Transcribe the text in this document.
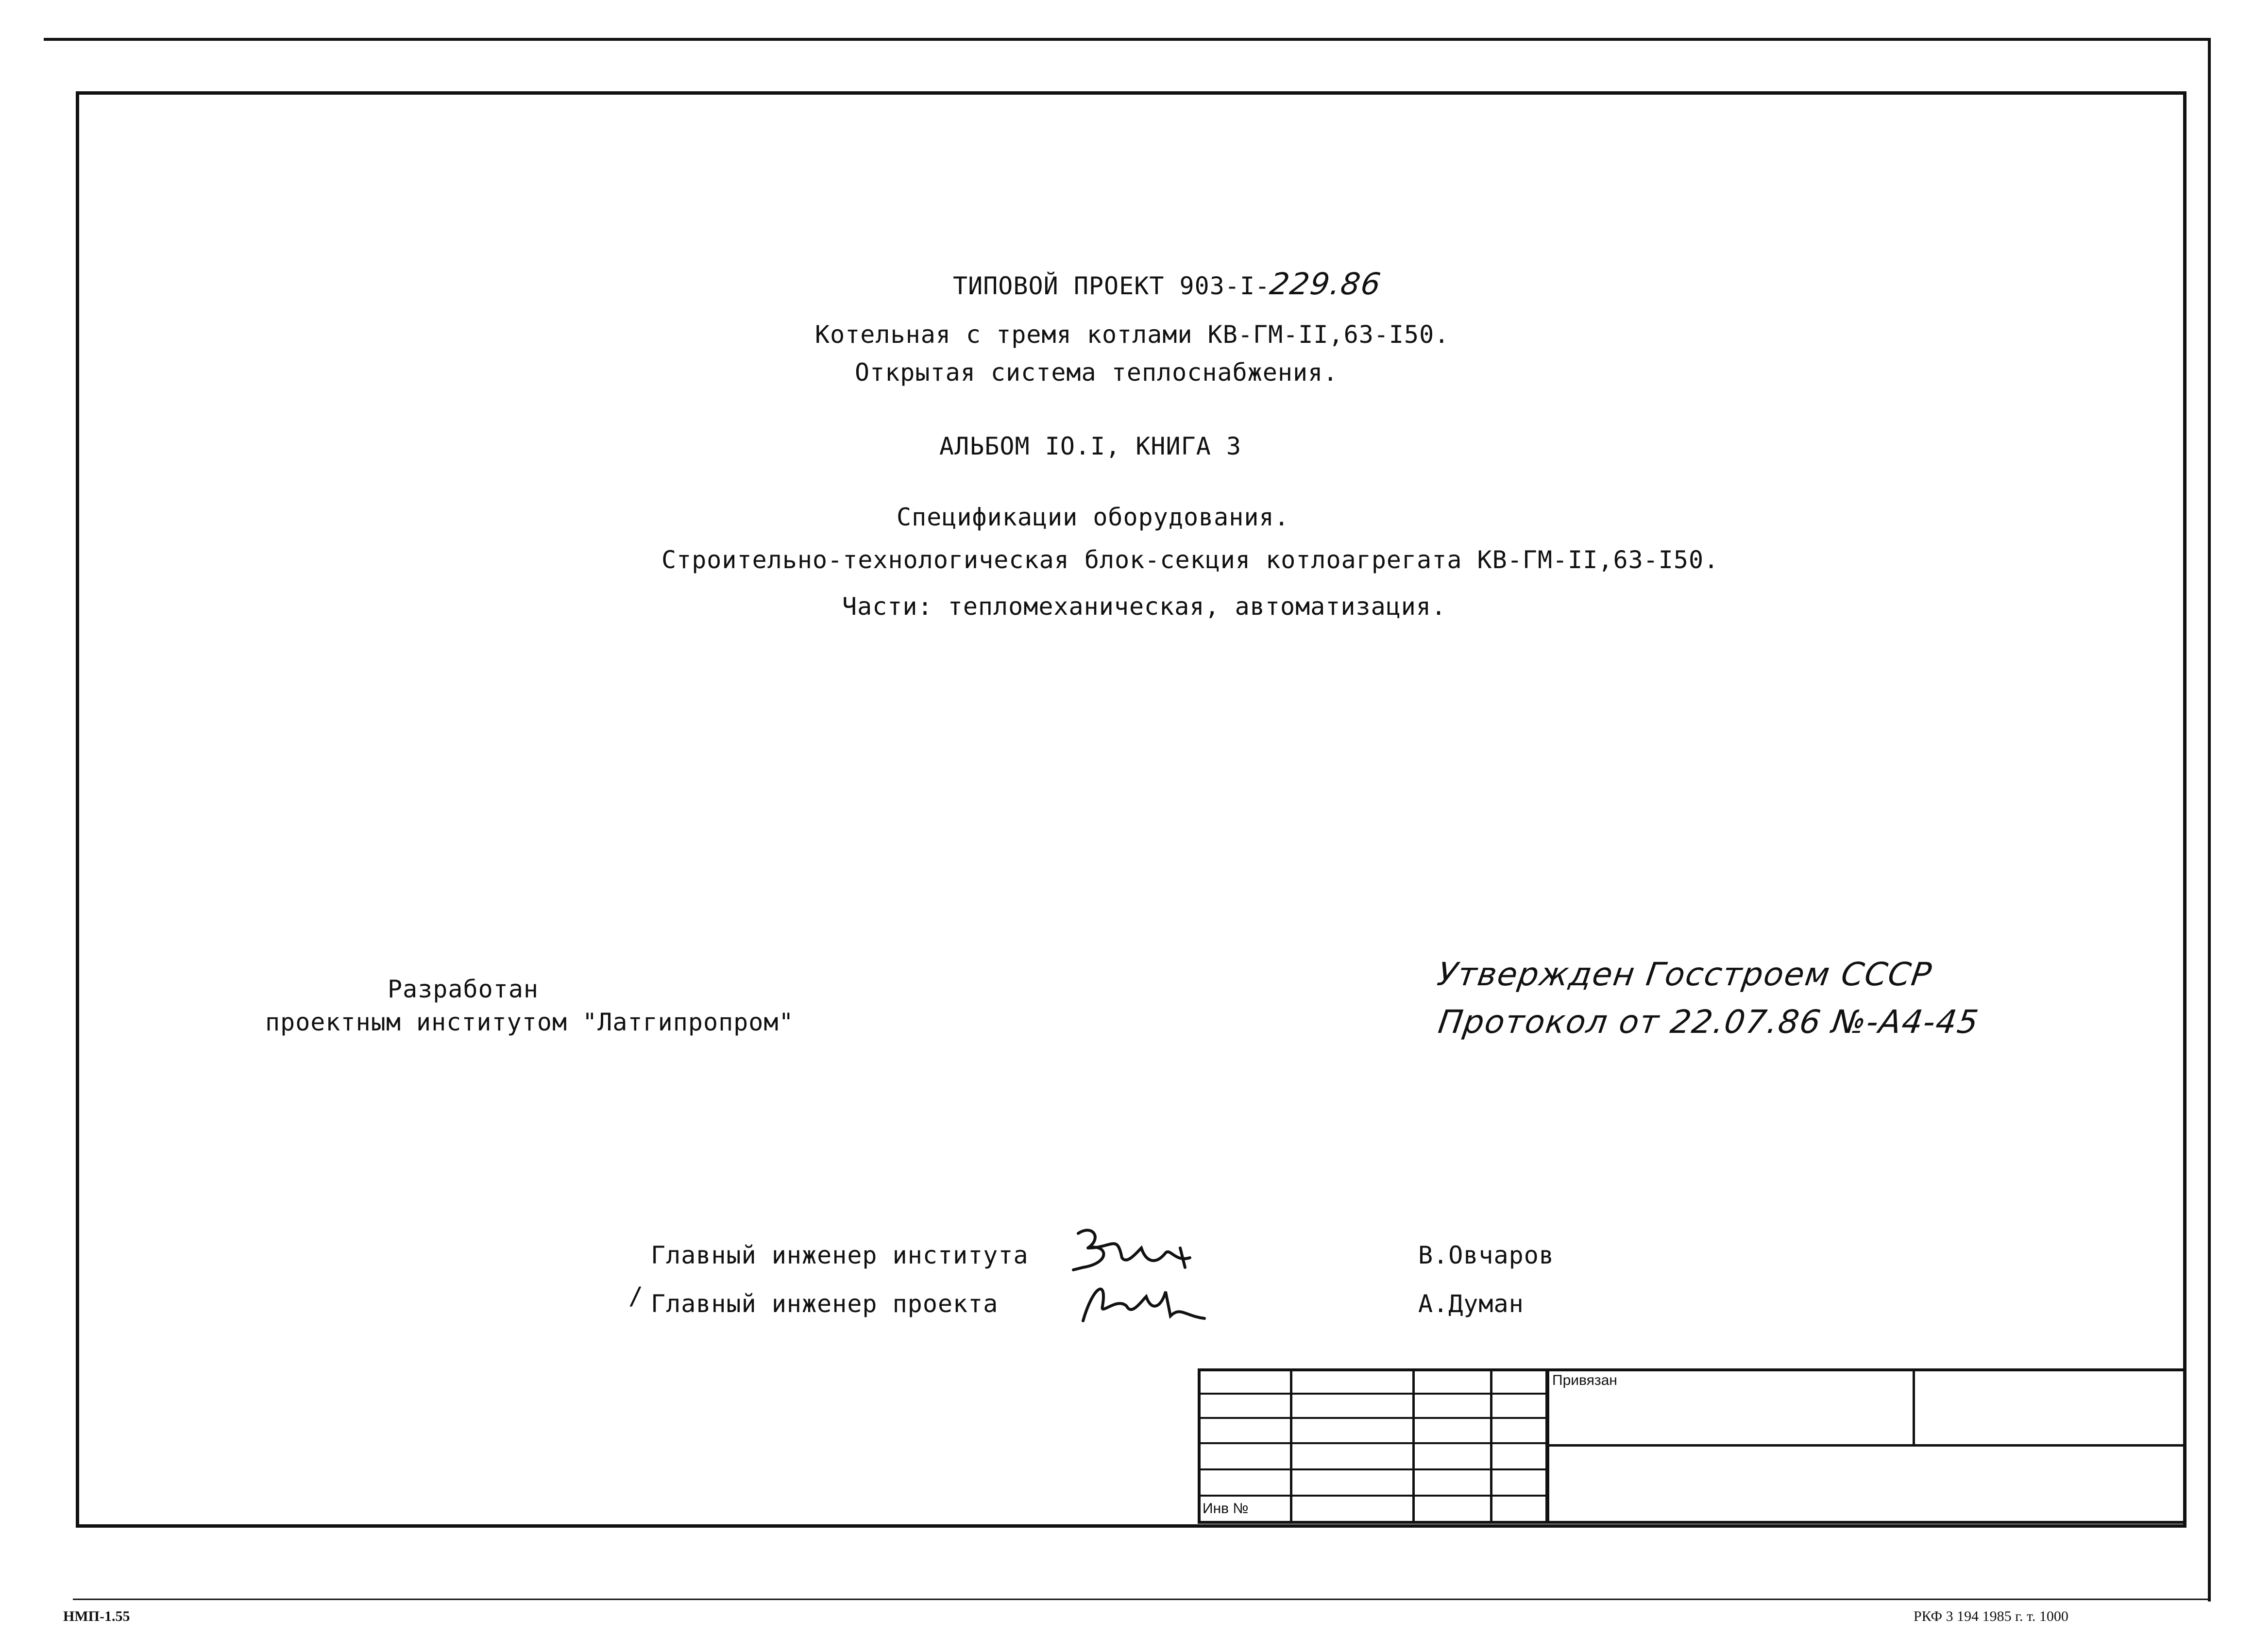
ТИПОВОЙ ПРОЕКТ 903-I-229.86
Котельная с тремя котлами КВ-ГМ-II,63-I50.
Открытая система теплоснабжения.
АЛЬБОМ IО.I, КНИГА 3
Спецификации оборудования.
Строительно-технологическая блок-секция котлоагрегата КВ-ГМ-II,63-I50.
Части: тепломеханическая, автоматизация.
Разработан
проектным институтом "Латгипропром"
Утвержден Госстроем СССР
Протокол от 22.07.86 №-А4-45
Главный инженер института
Главный инженер проекта
/
В.Овчаров
А.Думан
Инв №
Привязан
НМП-1.55	РКФ 3 194 1985 г. т. 1000
